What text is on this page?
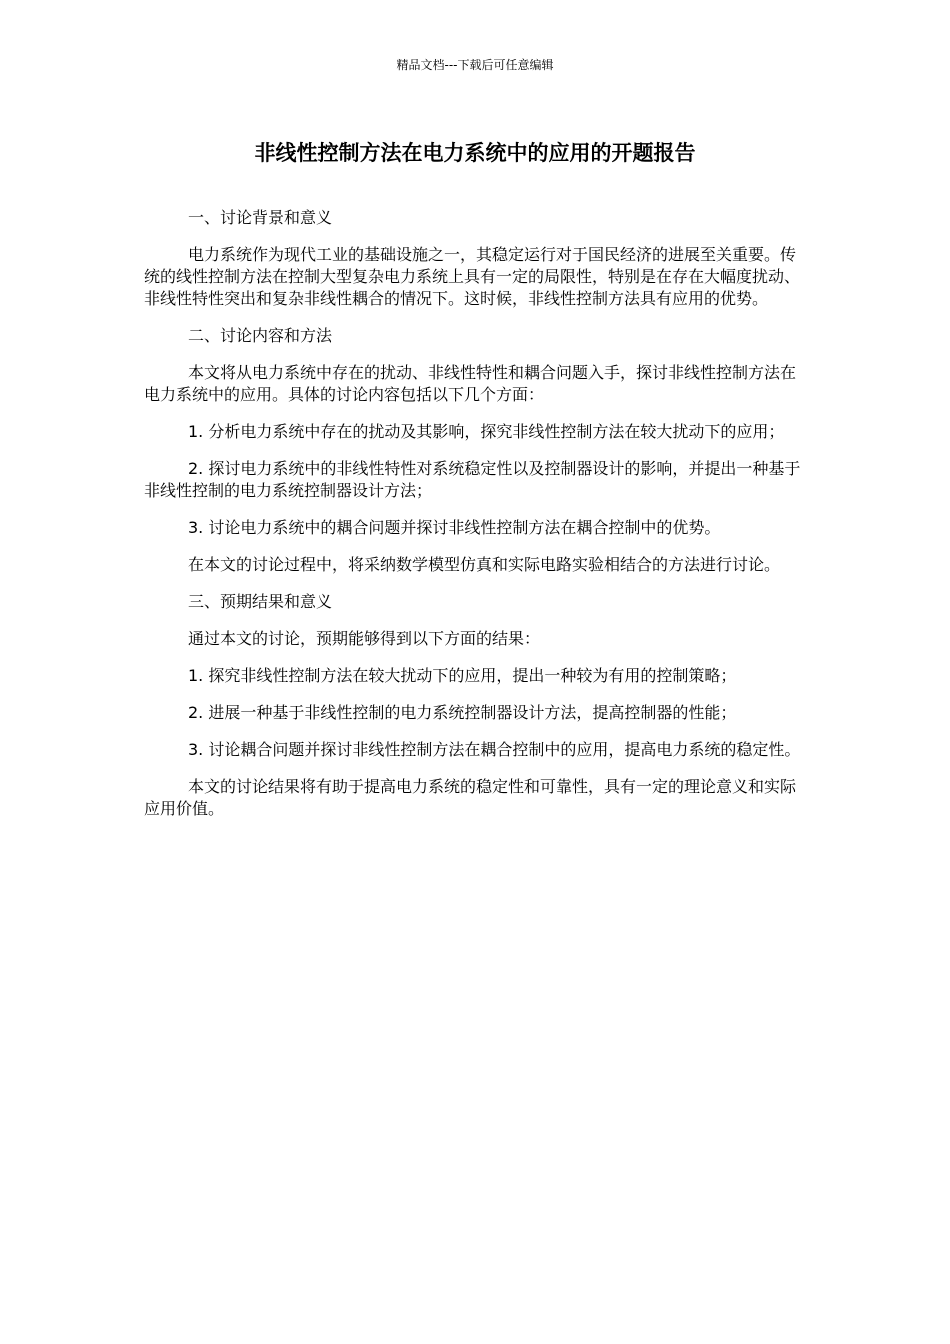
精品文档---下载后可任意编辑
非线性控制方法在电力系统中的应用的开题报告

一、讨论背景和意义

电力系统作为现代工业的基础设施之一，其稳定运行对于国民经济的进展至关重要。传统的线性控制方法在控制大型复杂电力系统上具有一定的局限性，特别是在存在大幅度扰动、非线性特性突出和复杂非线性耦合的情况下。这时候，非线性控制方法具有应用的优势。

二、讨论内容和方法

本文将从电力系统中存在的扰动、非线性特性和耦合问题入手，探讨非线性控制方法在电力系统中的应用。具体的讨论内容包括以下几个方面：

1. 分析电力系统中存在的扰动及其影响，探究非线性控制方法在较大扰动下的应用；

2. 探讨电力系统中的非线性特性对系统稳定性以及控制器设计的影响，并提出一种基于非线性控制的电力系统控制器设计方法；

3. 讨论电力系统中的耦合问题并探讨非线性控制方法在耦合控制中的优势。

在本文的讨论过程中，将采纳数学模型仿真和实际电路实验相结合的方法进行讨论。

三、预期结果和意义

通过本文的讨论，预期能够得到以下方面的结果：

1. 探究非线性控制方法在较大扰动下的应用，提出一种较为有用的控制策略；

2. 进展一种基于非线性控制的电力系统控制器设计方法，提高控制器的性能；

3. 讨论耦合问题并探讨非线性控制方法在耦合控制中的应用，提高电力系统的稳定性。

本文的讨论结果将有助于提高电力系统的稳定性和可靠性，具有一定的理论意义和实际应用价值。
